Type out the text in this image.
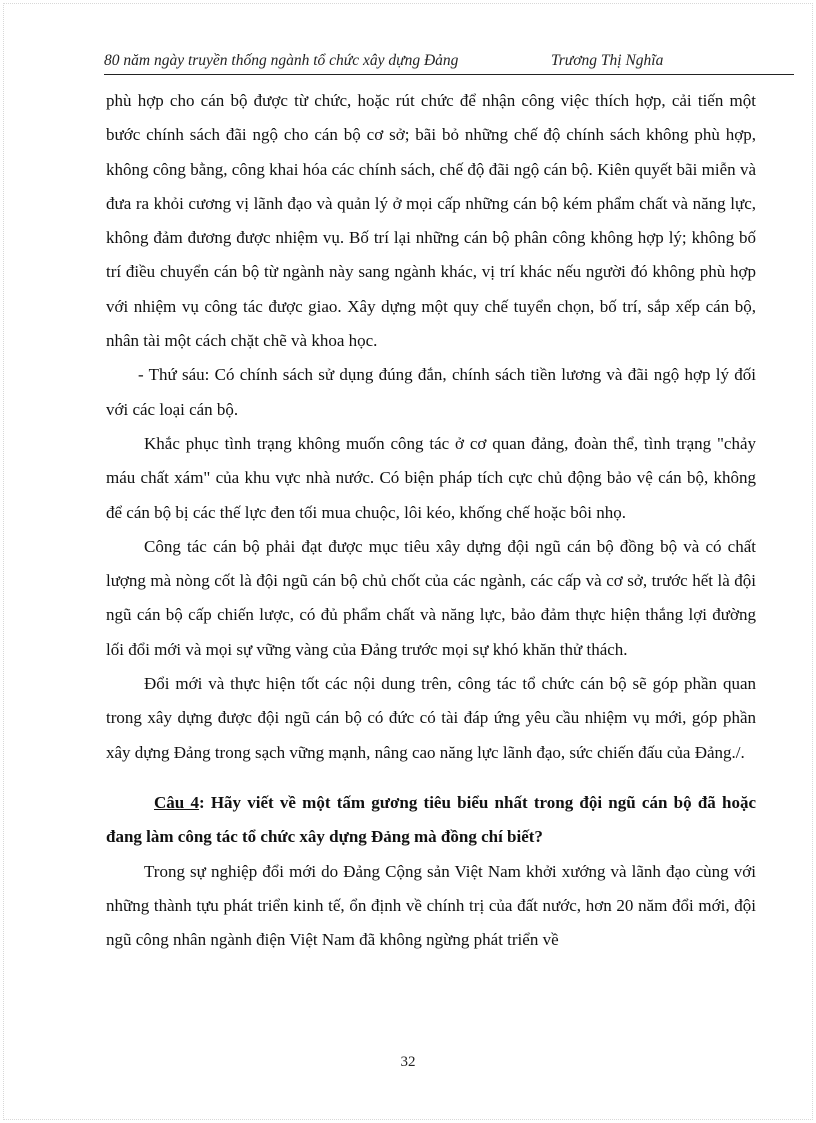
80 năm ngày truyền thống ngành tổ chức xây dựng Đảng	Trương Thị Nghĩa

phù hợp cho cán bộ được từ chức, hoặc rút chức để nhận công việc thích hợp, cải tiến một bước chính sách đãi ngộ cho cán bộ cơ sở; bãi bỏ những chế độ chính sách không phù hợp, không công bằng, công khai hóa các chính sách, chế độ đãi ngộ cán bộ. Kiên quyết bãi miễn và đưa ra khỏi cương vị lãnh đạo và quản lý ở mọi cấp những cán bộ kém phẩm chất và năng lực, không đảm đương được nhiệm vụ. Bố trí lại những cán bộ phân công không hợp lý; không bố trí điều chuyển cán bộ từ ngành này sang ngành khác, vị trí khác nếu người đó không phù hợp với nhiệm vụ công tác được giao. Xây dựng một quy chế tuyển chọn, bố trí, sắp xếp cán bộ, nhân tài một cách chặt chẽ và khoa học.

- Thứ sáu: Có chính sách sử dụng đúng đắn, chính sách tiền lương và đãi ngộ hợp lý đối với các loại cán bộ.

Khắc phục tình trạng không muốn công tác ở cơ quan đảng, đoàn thể, tình trạng "chảy máu chất xám" của khu vực nhà nước. Có biện pháp tích cực chủ động bảo vệ cán bộ, không để cán bộ bị các thế lực đen tối mua chuộc, lôi kéo, khống chế hoặc bôi nhọ.

Công tác cán bộ phải đạt được mục tiêu xây dựng đội ngũ cán bộ đồng bộ và có chất lượng mà nòng cốt là đội ngũ cán bộ chủ chốt của các ngành, các cấp và cơ sở, trước hết là đội ngũ cán bộ cấp chiến lược, có đủ phẩm chất và năng lực, bảo đảm thực hiện thắng lợi đường lối đổi mới và mọi sự vững vàng của Đảng trước mọi sự khó khăn thử thách.

Đổi mới và thực hiện tốt các nội dung trên, công tác tổ chức cán bộ sẽ góp phần quan trong xây dựng được đội ngũ cán bộ có đức có tài đáp ứng yêu cầu nhiệm vụ mới, góp phần xây dựng Đảng trong sạch vững mạnh, nâng cao năng lực lãnh đạo, sức chiến đấu của Đảng./.

Câu 4: Hãy viết về một tấm gương tiêu biểu nhất trong đội ngũ cán bộ đã hoặc đang làm công tác tổ chức xây dựng Đảng mà đồng chí biết?

Trong sự nghiệp đổi mới do Đảng Cộng sản Việt Nam khởi xướng và lãnh đạo cùng với những thành tựu phát triển kinh tế, ổn định về chính trị của đất nước, hơn 20 năm đổi mới, đội ngũ công nhân ngành điện Việt Nam đã không ngừng phát triển về

32
